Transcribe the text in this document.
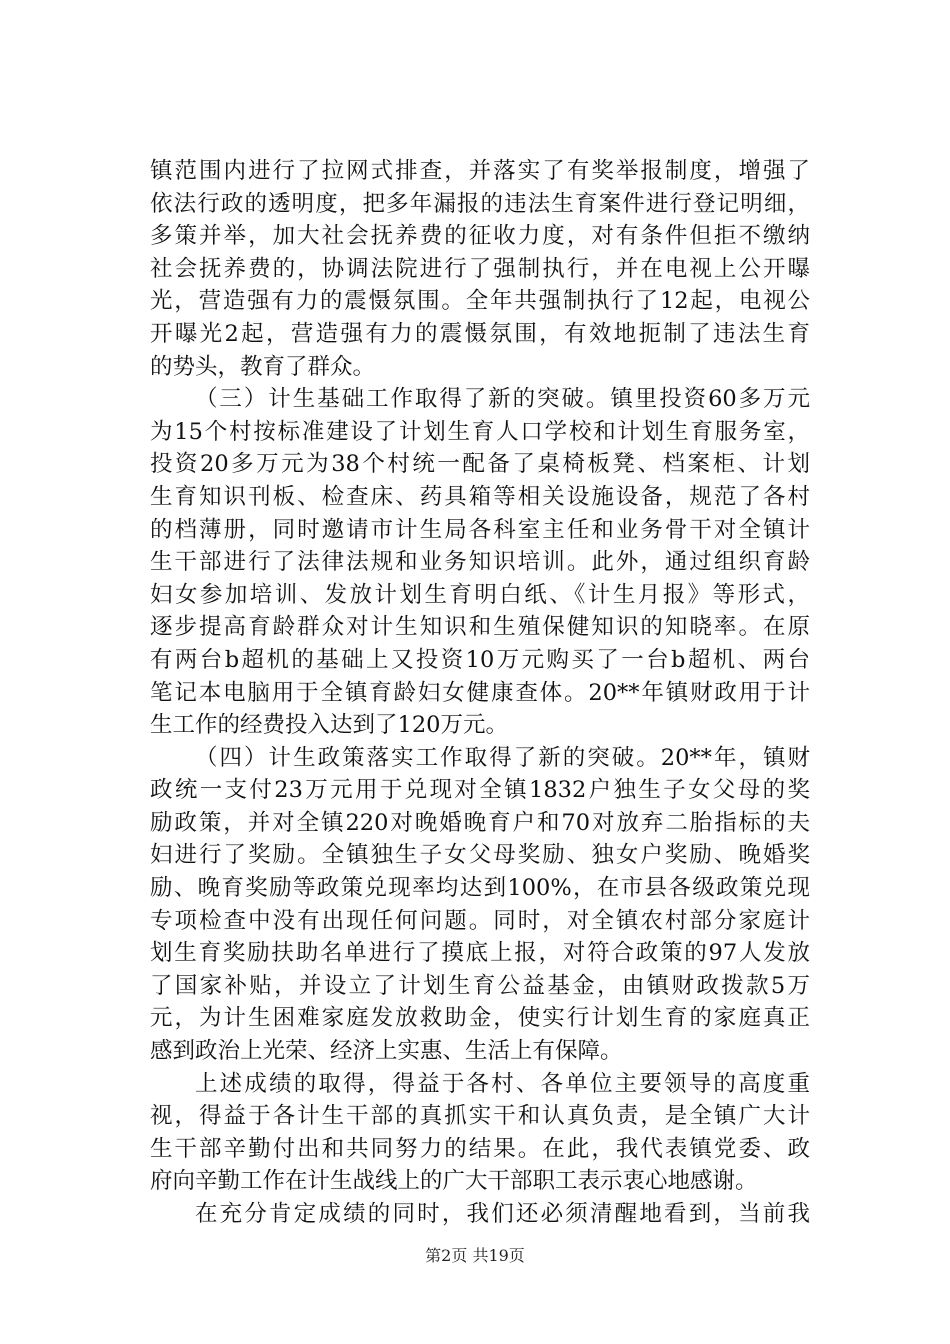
镇范围内进行了拉网式排查，并落实了有奖举报制度，增强了
依法行政的透明度，把多年漏报的违法生育案件进行登记明细，
多策并举，加大社会抚养费的征收力度，对有条件但拒不缴纳
社会抚养费的，协调法院进行了强制执行，并在电视上公开曝
光，营造强有力的震慑氛围。全年共强制执行了12起，电视公
开曝光2起，营造强有力的震慑氛围，有效地扼制了违法生育
的势头，教育了群众。
（三）计生基础工作取得了新的突破。镇里投资60多万元
为15个村按标准建设了计划生育人口学校和计划生育服务室，
投资20多万元为38个村统一配备了桌椅板凳、档案柜、计划
生育知识刊板、检查床、药具箱等相关设施设备，规范了各村
的档薄册，同时邀请市计生局各科室主任和业务骨干对全镇计
生干部进行了法律法规和业务知识培训。此外，通过组织育龄
妇女参加培训、发放计划生育明白纸、《计生月报》等形式，
逐步提高育龄群众对计生知识和生殖保健知识的知晓率。在原
有两台b超机的基础上又投资10万元购买了一台b超机、两台
笔记本电脑用于全镇育龄妇女健康查体。20**年镇财政用于计
生工作的经费投入达到了120万元。
（四）计生政策落实工作取得了新的突破。20**年，镇财
政统一支付23万元用于兑现对全镇1832户独生子女父母的奖
励政策，并对全镇220对晚婚晚育户和70对放弃二胎指标的夫
妇进行了奖励。全镇独生子女父母奖励、独女户奖励、晚婚奖
励、晚育奖励等政策兑现率均达到100%，在市县各级政策兑现
专项检查中没有出现任何问题。同时，对全镇农村部分家庭计
划生育奖励扶助名单进行了摸底上报，对符合政策的97人发放
了国家补贴，并设立了计划生育公益基金，由镇财政拨款5万
元，为计生困难家庭发放救助金，使实行计划生育的家庭真正
感到政治上光荣、经济上实惠、生活上有保障。
上述成绩的取得，得益于各村、各单位主要领导的高度重
视，得益于各计生干部的真抓实干和认真负责，是全镇广大计
生干部辛勤付出和共同努力的结果。在此，我代表镇党委、政
府向辛勤工作在计生战线上的广大干部职工表示衷心地感谢。
在充分肯定成绩的同时，我们还必须清醒地看到，当前我
第2页 共19页
